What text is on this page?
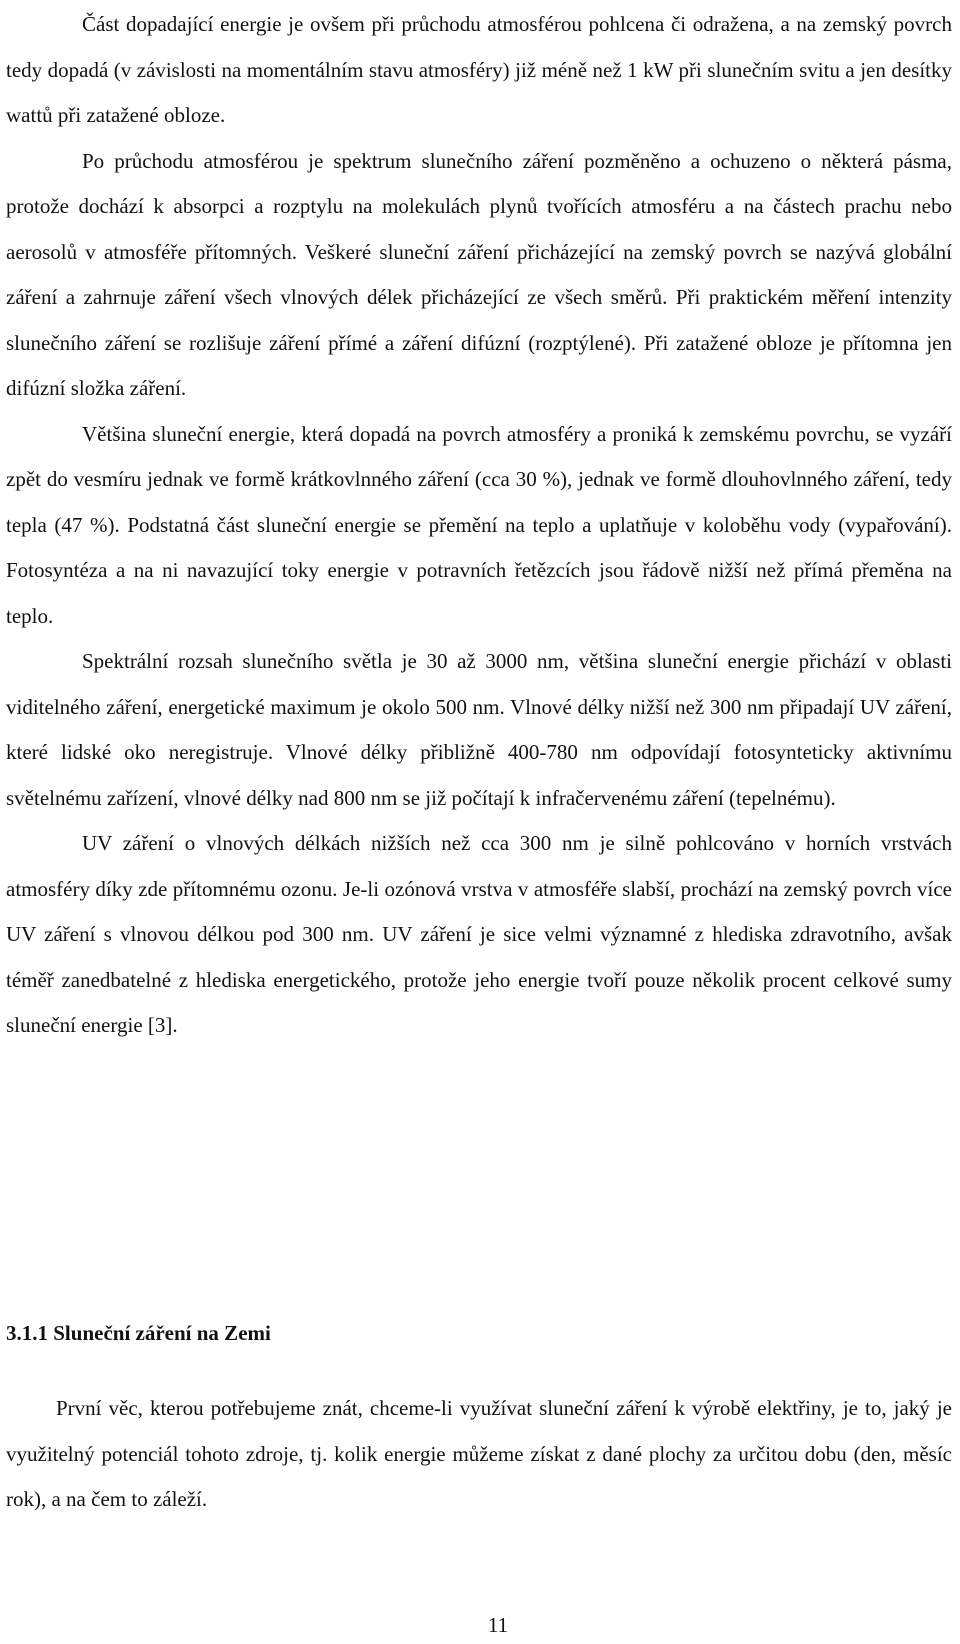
Část dopadající energie je ovšem při průchodu atmosférou pohlcena či odražena, a na zemský povrch tedy dopadá (v závislosti na momentálním stavu atmosféry) již méně než 1 kW při slunečním svitu a jen desítky wattů při zatažené obloze.

Po průchodu atmosférou je spektrum slunečního záření pozměněno a ochuzeno o některá pásma, protože dochází k absorpci a rozptylu na molekulách plynů tvořících atmosféru a na částech prachu nebo aerosolů v atmosféře přítomných. Veškeré sluneční záření přicházející na zemský povrch se nazývá globální záření a zahrnuje záření všech vlnových délek přicházející ze všech směrů. Při praktickém měření intenzity slunečního záření se rozlišuje záření přímé a záření difúzní (rozptýlené). Při zatažené obloze je přítomna jen difúzní složka záření.

Většina sluneční energie, která dopadá na povrch atmosféry a proniká k zemskému povrchu, se vyzáří zpět do vesmíru jednak ve formě krátkovlnného záření (cca 30 %), jednak ve formě dlouhovlnného záření, tedy tepla (47 %). Podstatná část sluneční energie se přemění na teplo a uplatňuje v koloběhu vody (vypařování). Fotosyntéza a na ni navazující toky energie v potravních řetězcích jsou řádově nižší než přímá přeměna na teplo.

Spektrální rozsah slunečního světla je 30 až 3000 nm, většina sluneční energie přichází v oblasti viditelného záření, energetické maximum je okolo 500 nm. Vlnové délky nižší než 300 nm připadají UV záření, které lidské oko neregistruje. Vlnové délky přibližně 400-780 nm odpovídají fotosynteticky aktivnímu světelnému zařízení, vlnové délky nad 800 nm se již počítají k infračervenému záření (tepelnému).

UV záření o vlnových délkách nižších než cca 300 nm je silně pohlcováno v horních vrstvách atmosféry díky zde přítomnému ozonu. Je-li ozónová vrstva v atmosféře slabší, prochází na zemský povrch více UV záření s vlnovou délkou pod 300 nm. UV záření je sice velmi významné z hlediska zdravotního, avšak téměř zanedbatelné z hlediska energetického, protože jeho energie tvoří pouze několik procent celkové sumy sluneční energie [3].

3.1.1 Sluneční záření na Zemi

První věc, kterou potřebujeme znát, chceme-li využívat sluneční záření k výrobě elektřiny, je to, jaký je využitelný potenciál tohoto zdroje, tj. kolik energie můžeme získat z dané plochy za určitou dobu (den, měsíc rok), a na čem to záleží.

11
